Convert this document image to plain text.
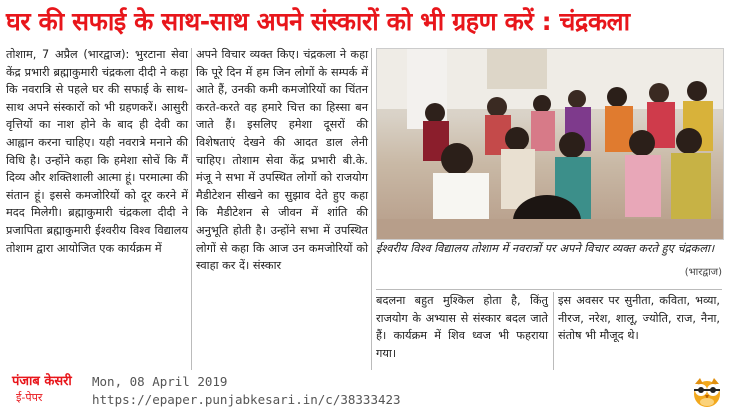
घर की सफाई के साथ-साथ अपने संस्कारों को भी ग्रहण करें : चंद्रकला

तोशाम, 7 अप्रैल (भारद्वाज): भुरटाना सेवा केंद्र प्रभारी ब्रह्माकुमारी चंद्रकला दीदी ने कहा कि नवरात्रि से पहले घर की सफाई के साथ-साथ अपने संस्कारों को भी ग्रहणकरें। आसुरी वृत्तियों का नाश होने के बाद ही देवी का आह्वान करना चाहिए। यही नवरात्रे मनाने की विधि है। उन्होंने कहा कि हमेशा सोचें कि मैं दिव्य और शक्तिशाली आत्मा हूं। परमात्मा की संतान हूं। इससे कमजोरियों को दूर करने में मदद मिलेगी। ब्रह्माकुमारी चंद्रकला दीदी ने प्रजापिता ब्रह्माकुमारी ईश्वरीय विश्व विद्यालय तोशाम द्वारा आयोजित एक कार्यक्रम में

अपने विचार व्यक्त किए। चंद्रकला ने कहा कि पूरे दिन में हम जिन लोगों के सम्पर्क में आते हैं, उनकी कमी कमजोरियों का चिंतन करते-करते वह हमारे चित्त का हिस्सा बन जाते हैं। इसलिए हमेशा दूसरों की विशेषताएं देखने की आदत डाल लेनी चाहिए। तोशाम सेवा केंद्र प्रभारी बी.के. मंजू ने सभा में उपस्थित लोगों को राजयोग मैडीटेशन सीखने का सुझाव देते हुए कहा कि मैडीटेशन से जीवन में शांति की अनुभूति होती है। उन्होंने सभा में उपस्थित लोगों से कहा कि आज उन कमजोरियों को स्वाहा कर दें। संस्कार

ईश्वरीय विश्व विद्यालय तोशाम में नवरात्रों पर अपने विचार व्यक्त करते हुए चंद्रकला।
(भारद्वाज)

बदलना बहुत मुश्किल होता है, किंतु राजयोग के अभ्यास से संस्कार बदल जाते हैं। कार्यक्रम में शिव ध्वज भी फहराया गया।

इस अवसर पर सुनीता, कविता, भव्या, नीरज, नरेश, शालू, ज्योति, राज, नैना, संतोष भी मौजूद थे।

पंजाब केसरी
ई-पेपर
Mon, 08 April 2019
https://epaper.punjabkesari.in/c/38333423
